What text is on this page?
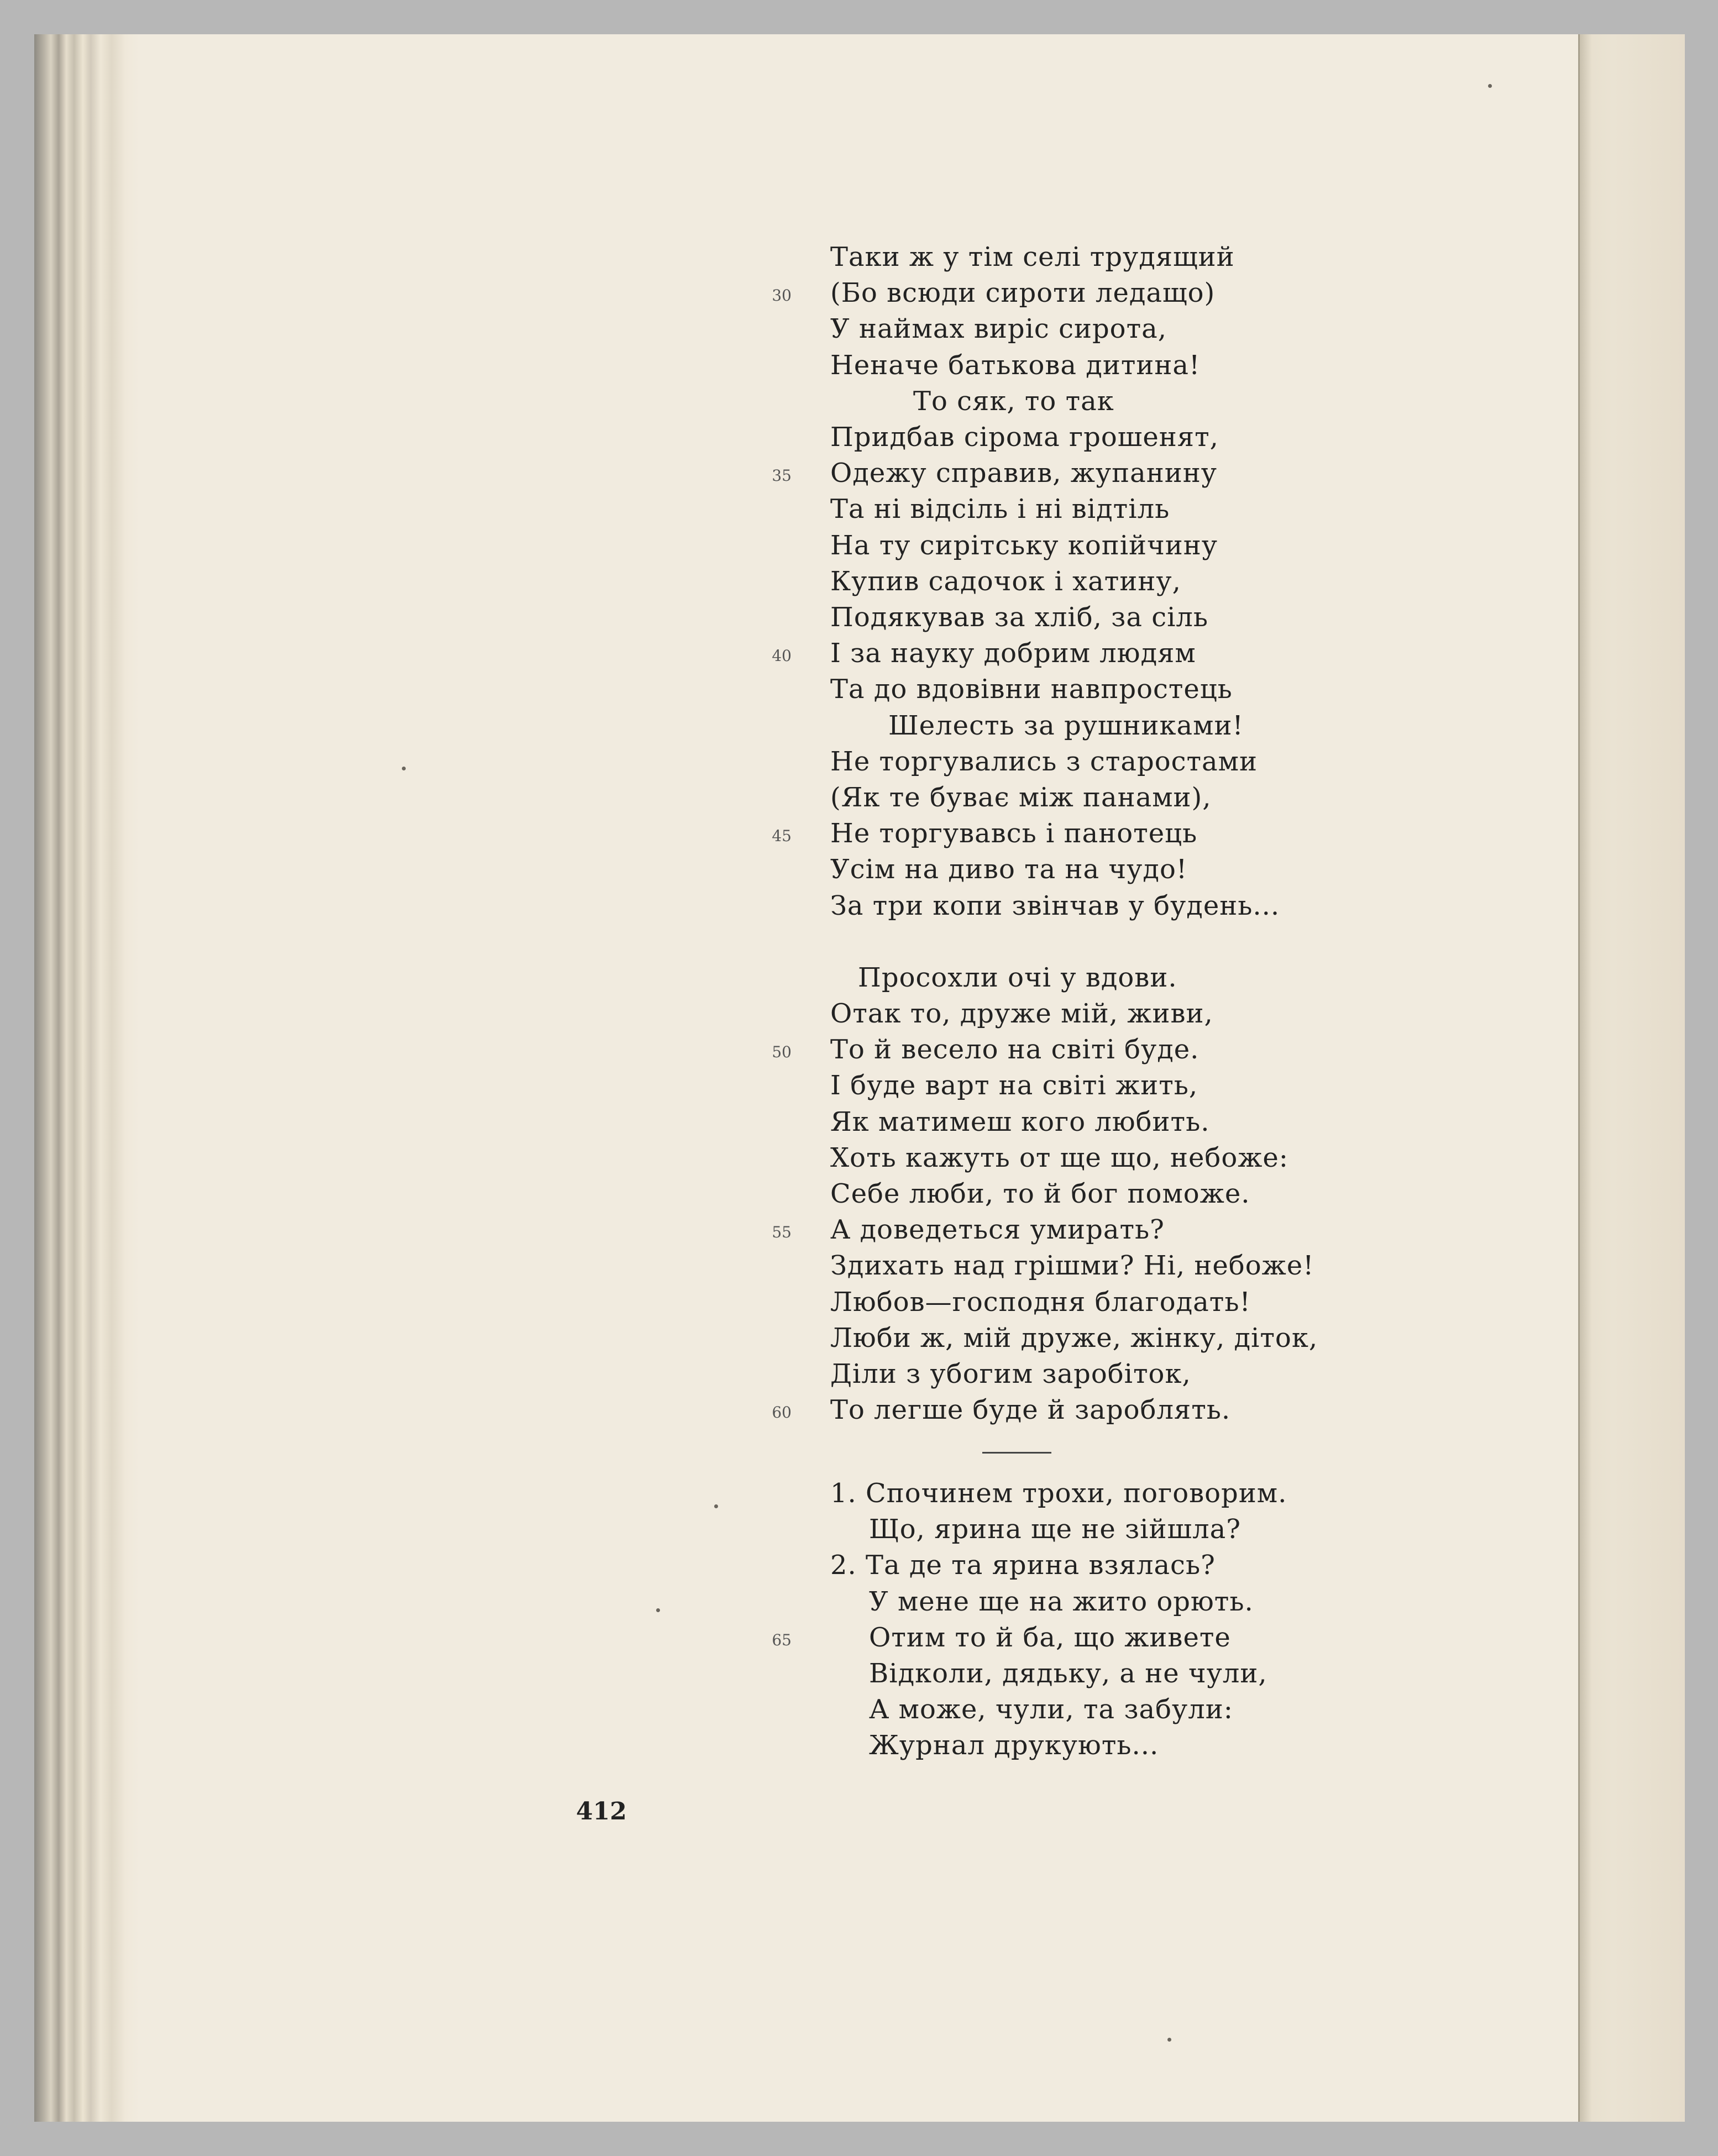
Таки ж у тім селі трудящий
30 (Бо всюди сироти ледащо)
У наймах виріс сирота,
Неначе батькова дитина!
То сяк, то так
Придбав сірома грошенят,
35 Одежу справив, жупанину
Та ні відсіль і ні відтіль
На ту сирітську копійчину
Купив садочок і хатину,
Подякував за хліб, за сіль
40 І за науку добрим людям
Та до вдовівни навпростець
Шелесть за рушниками!
Не торгувались з старостами
(Як те буває між панами),
45 Не торгувавсь і панотець
Усім на диво та на чудо!
За три копи звінчав у будень...
Просохли очі у вдови.
Отак то, друже мій, живи,
50 То й весело на світі буде.
І буде варт на світі жить,
Як матимеш кого любить.
Хоть кажуть от ще що, небоже:
Себе люби, то й бог поможе.
55 А доведеться умирать?
Здихать над грішми? Ні, небоже!
Любов—господня благодать!
Люби ж, мій друже, жінку, діток,
Діли з убогим заробіток,
60 То легше буде й зароблять.
1. Спочинем трохи, поговорим.
Що, ярина ще не зійшла?
2. Та де та ярина взялась?
У мене ще на жито орють.
65	Отим то й ба, що живете
Відколи, дядьку, а не чули,
А може, чули, та забули:
Журнал друкують...
412
